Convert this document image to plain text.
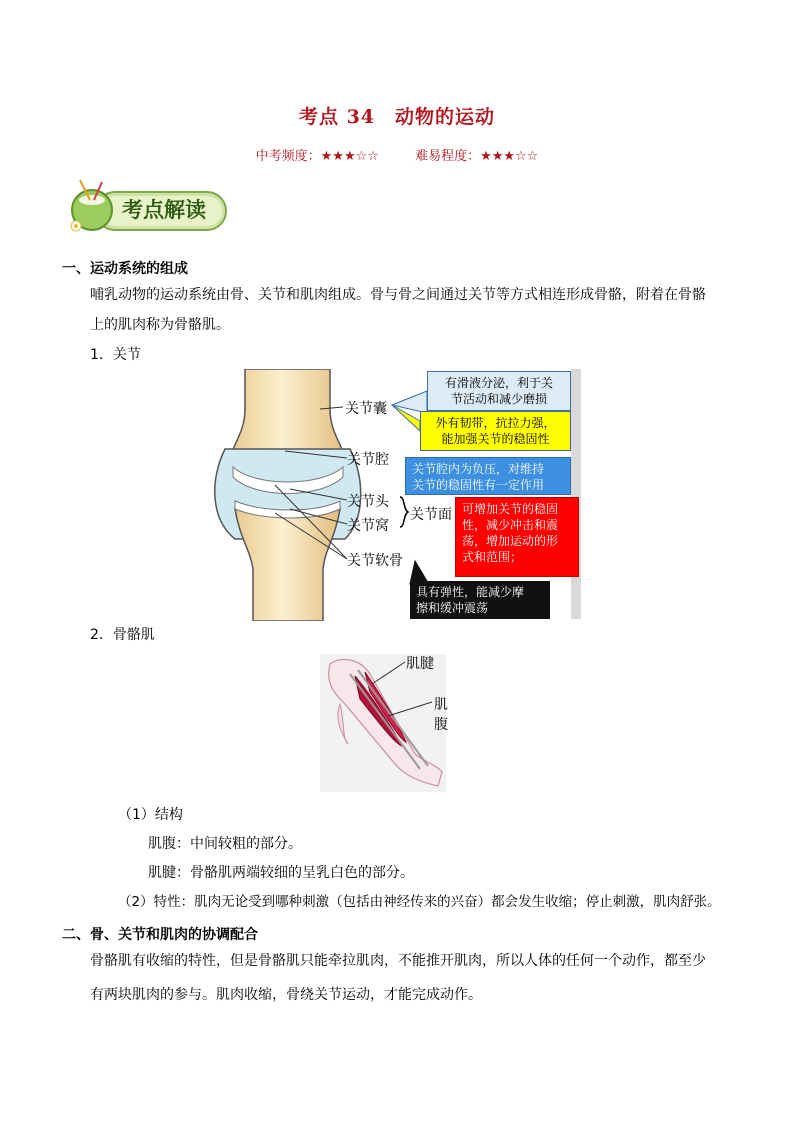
考点 34　动物的运动
中考频度：★★★☆☆	难易程度：★★★☆☆
考点解读
一、运动系统的组成
哺乳动物的运动系统由骨、关节和肌肉组成。骨与骨之间通过关节等方式相连形成骨骼，附着在骨骼
上的肌肉称为骨骼肌。
1．关节
关节囊
关节腔
关节头
关节窝
关节面
关节软骨
有滑液分泌，利于关
节活动和减少磨损
外有韧带，抗拉力强，
能加强关节的稳固性
关节腔内为负压，对维持
关节的稳固性有一定作用
可增加关节的稳固
性，减少冲击和震
荡，增加运动的形
式和范围；
具有弹性，能减少摩
擦和缓冲震荡
2．骨骼肌
肌腱
肌腹
（1）结构
肌腹：中间较粗的部分。
肌腱：骨骼肌两端较细的呈乳白色的部分。
（2）特性：肌肉无论受到哪种刺激（包括由神经传来的兴奋）都会发生收缩；停止刺激，肌肉舒张。
二、骨、关节和肌肉的协调配合
骨骼肌有收缩的特性，但是骨骼肌只能牵拉肌肉，不能推开肌肉，所以人体的任何一个动作，都至少
有两块肌肉的参与。肌肉收缩，骨绕关节运动，才能完成动作。
